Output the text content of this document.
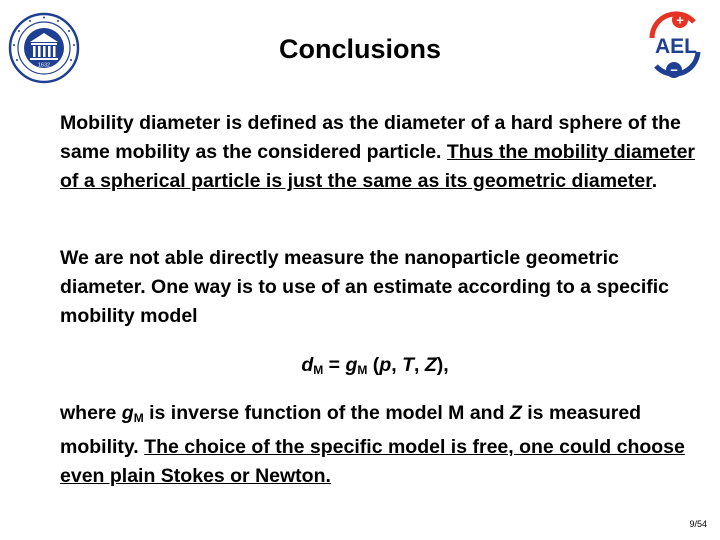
1632
+
−
AEL
Conclusions
Mobility diameter is defined as the diameter of a hard sphere of the same mobility as the considered particle. Thus the mobility diameter of a spherical particle is just the same as its geometric diameter.
We are not able directly measure the nanoparticle geometric diameter. One way is to use of an estimate according to a specific mobility model
$d_M = g_M$ (p, T, Z),
where $g_M$ is inverse function of the model M and Z is measured mobility. The choice of the specific model is free, one could choose even plain Stokes or Newton.
9/54
